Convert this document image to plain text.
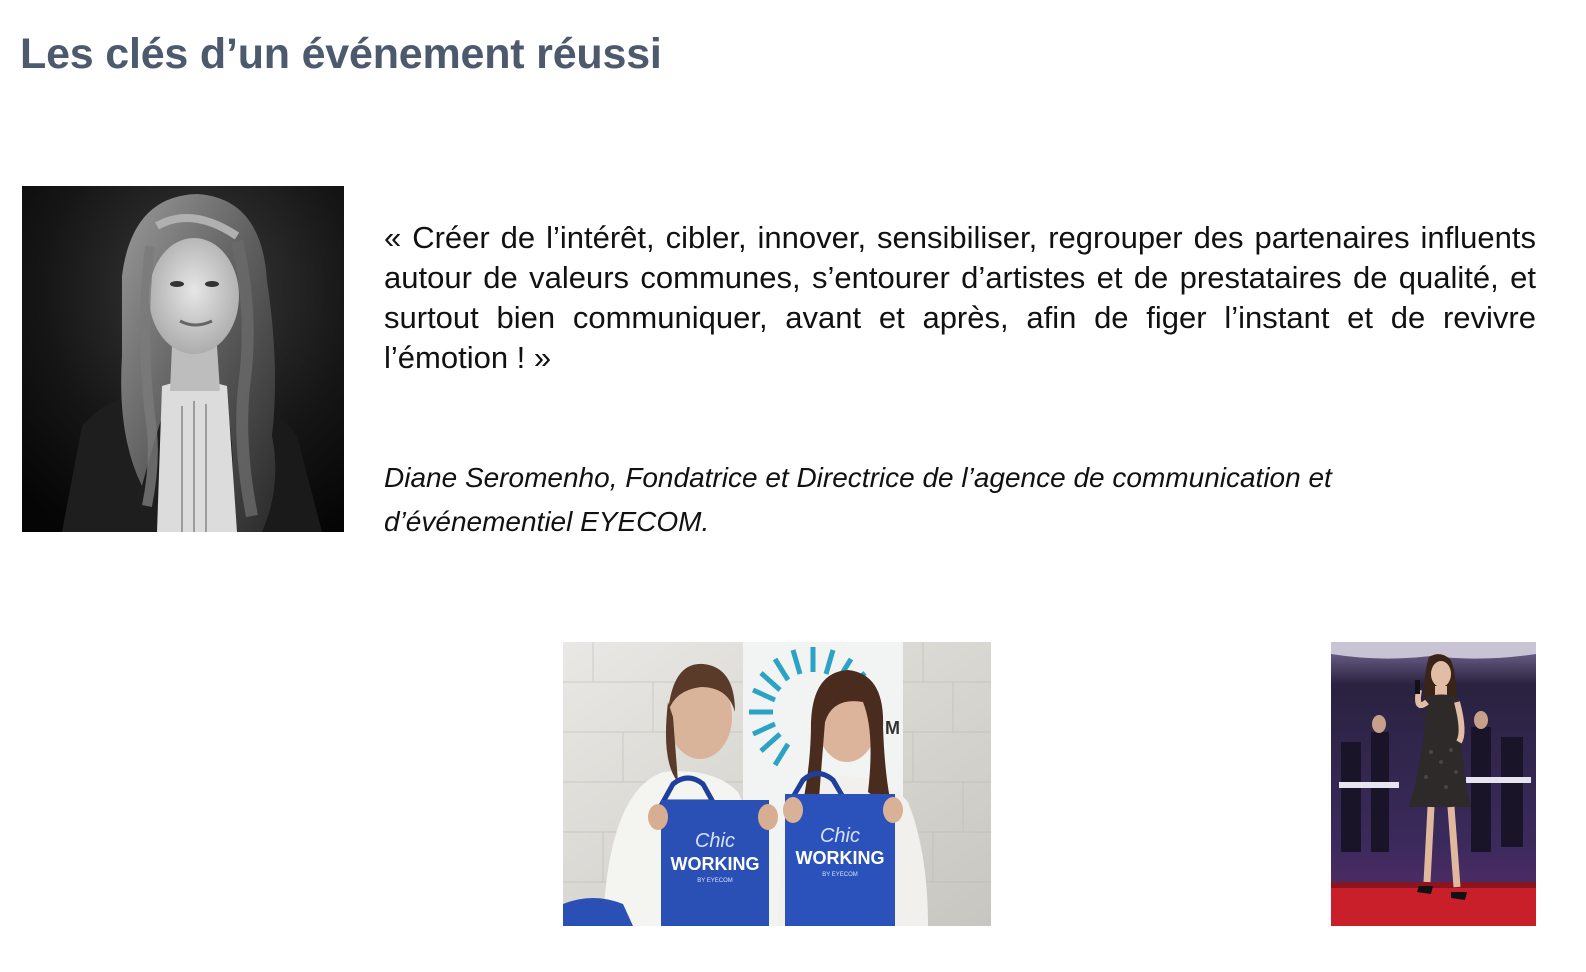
Les clés d’un événement réussi

« Créer de l’intérêt, cibler, innover, sensibiliser, regrouper des partenaires influents autour de valeurs communes, s’entourer d’artistes et de prestataires de qualité, et surtout bien communiquer, avant et après, afin de figer l’instant et de revivre l’émotion ! »

Diane Seromenho, Fondatrice et Directrice de l’agence de communication et d’événementiel EYECOM.

M
Chic
WORKING
BY EYECOM
Chic
WORKING
BY EYECOM
